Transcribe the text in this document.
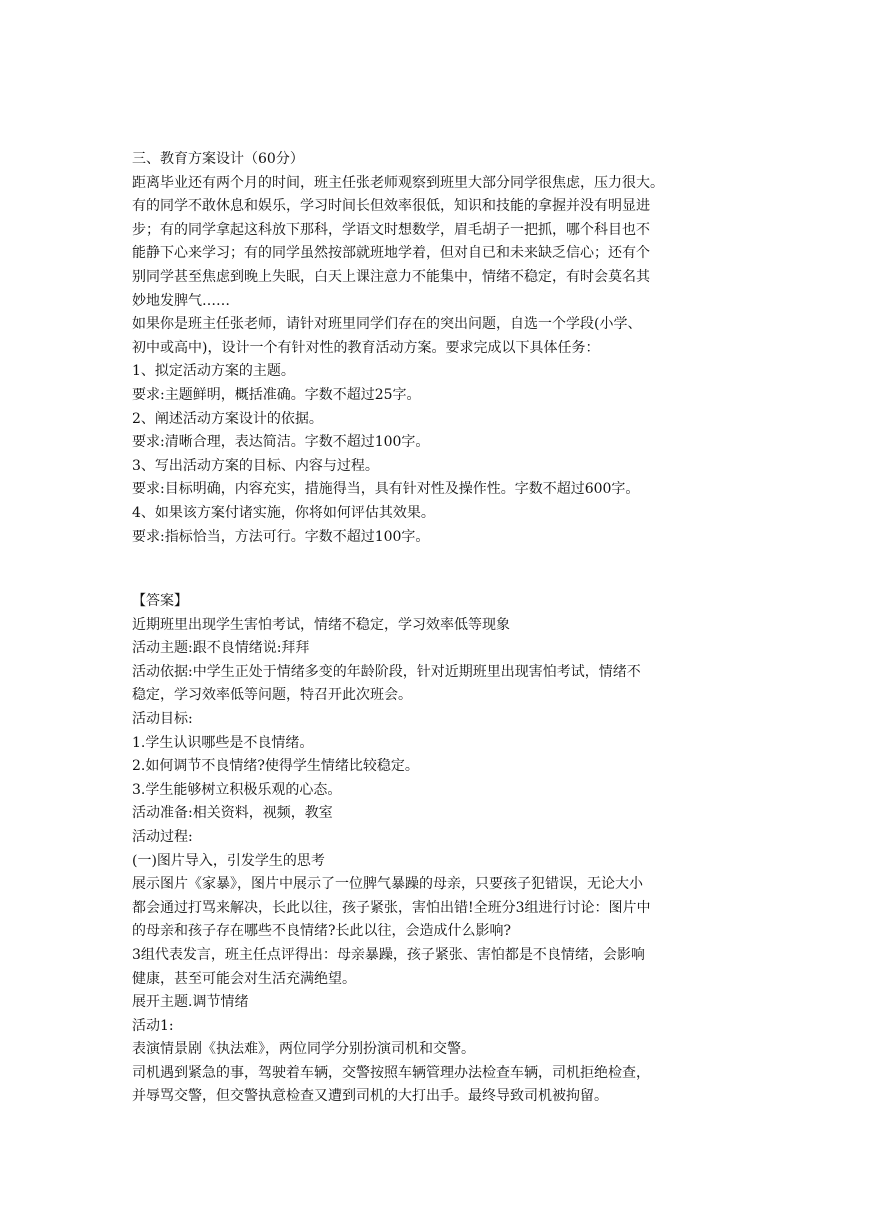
三、教育方案设计（60分）

距离毕业还有两个月的时间，班主任张老师观察到班里大部分同学很焦虑，压力很大。

有的同学不敢休息和娱乐，学习时间长但效率很低，知识和技能的拿握并没有明显进

步；有的同学拿起这科放下那科，学语文时想数学，眉毛胡子一把抓，哪个科目也不

能静下心来学习；有的同学虽然按部就班地学着，但对自已和未来缺乏信心；还有个

别同学甚至焦虑到晚上失眠，白天上课注意力不能集中，情绪不稳定，有时会莫名其

妙地发脾气……

如果你是班主任张老师，请针对班里同学们存在的突出问题，自选一个学段(小学、

初中或高中)，设计一个有针对性的教育活动方案。要求完成以下具体任务：

1、拟定活动方案的主题。

要求:主题鲜明，概括准确。字数不超过25字。

2、阐述活动方案设计的依据。

要求:清晰合理，表达简洁。字数不超过100字。

3、写出活动方案的目标、内容与过程。

要求:目标明确，内容充实，措施得当，具有针对性及操作性。字数不超过600字。

4、如果该方案付诸实施，你将如何评估其效果。

要求:指标恰当，方法可行。字数不超过100字。

【答案】

近期班里出现学生害怕考试，情绪不稳定，学习效率低等现象

活动主题:跟不良情绪说:拜拜

活动依据:中学生正处于情绪多变的年龄阶段，针对近期班里出现害怕考试，情绪不

稳定，学习效率低等问题，特召开此次班会。

活动目标:

1.学生认识哪些是不良情绪。

2.如何调节不良情绪?使得学生情绪比较稳定。

3.学生能够树立积极乐观的心态。

活动准备:相关资料，视频，教室

活动过程:

(一)图片导入，引发学生的思考

展示图片《家暴》，图片中展示了一位脾气暴躁的母亲，只要孩子犯错误，无论大小

都会通过打骂来解决，长此以往，孩子紧张，害怕出错!全班分3组进行讨论：图片中

的母亲和孩子存在哪些不良情绪?长此以往，会造成什么影响?

3组代表发言，班主任点评得出：母亲暴躁，孩子紧张、害怕都是不良情绪，会影响

健康，甚至可能会对生活充满绝望。

展开主题.调节情绪

活动1:

表演情景剧《执法难》，两位同学分别扮演司机和交警。

司机遇到紧急的事，驾驶着车辆，交警按照车辆管理办法检查车辆，司机拒绝检查，

并辱骂交警，但交警执意检查又遭到司机的大打出手。最终导致司机被拘留。
